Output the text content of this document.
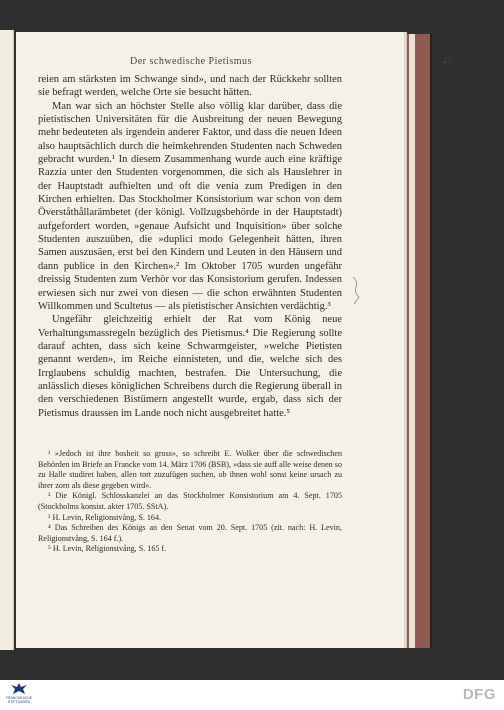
Der schwedische Pietismus	47

reien am stärksten im Schwange sind», und nach der Rückkehr sollten sie befragt werden, welche Orte sie besucht hätten.

Man war sich an höchster Stelle also völlig klar darüber, dass die pietistischen Universitäten für die Ausbreitung der neuen Bewegung mehr bedeuteten als irgendein anderer Faktor, und dass die neuen Ideen also hauptsächlich durch die heimkehrenden Studenten nach Schweden gebracht wurden.¹ In diesem Zusammenhang wurde auch eine kräftige Razzia unter den Studenten vorgenommen, die sich als Hauslehrer in der Hauptstadt aufhielten und oft die venia zum Predigen in den Kirchen erhielten. Das Stockholmer Konsistorium war schon von dem Överståthållarämbetet (der königl. Vollzugsbehörde in der Hauptstadt) aufgefordert worden, »genaue Aufsicht und Inquisition» über solche Studenten auszuüben, die »duplici modo Gelegenheit hätten, ihren Samen auszusäen, erst bei den Kindern und Leuten in den Häusern und dann publice in den Kirchen».² Im Oktober 1705 wurden ungefähr dreissig Studenten zum Verhör vor das Konsistorium gerufen. Indessen erwiesen sich nur zwei von diesen — die schon erwähnten Studenten Willkommen und Scultetus — als pietistischer Ansichten verdächtig.³

Ungefähr gleichzeitig erhielt der Rat vom König neue Verhaltungsmassregeln bezüglich des Pietismus.⁴ Die Regierung sollte darauf achten, dass sich keine Schwarmgeister, »welche Pietisten genannt werden», im Reiche einnisteten, und die, welche sich des Irrglaubens schuldig machten, bestrafen. Die Untersuchung, die anlässlich dieses königlichen Schreibens durch die Regierung überall in den verschiedenen Bistümern angestellt wurde, ergab, dass sich der Pietismus draussen im Lande noch nicht ausgebreitet hatte.⁵

¹ »Jedoch ist ihre bosheit so gross», so schreibt E. Wolker über die schwedischen Behörden im Briefe an Francke vom 14. März 1706 (BSB), »dass sie auff alle weise denen so zu Halle studiret haben, allen tort zuzufügen suchen, ob ihnen wohl sonst keine ursach zu ihrer zorn als diese gegeben wird».

² Die Königl. Schlosskanzlei an das Stockholmer Konsistorium am 4. Sept. 1705 (Stockholms konsist. akter 1705. SStA).

³ H. Levin, Religionstvång, S. 164.

⁴ Das Schreiben des Königs an den Senat vom 20. Sept. 1705 (zit. nach: H. Levin, Religionstvång, S. 164 f.).

⁵ H. Levin, Religionstvång, S. 165 f.

FRANCKESCHE STIFTUNGEN	DFG
